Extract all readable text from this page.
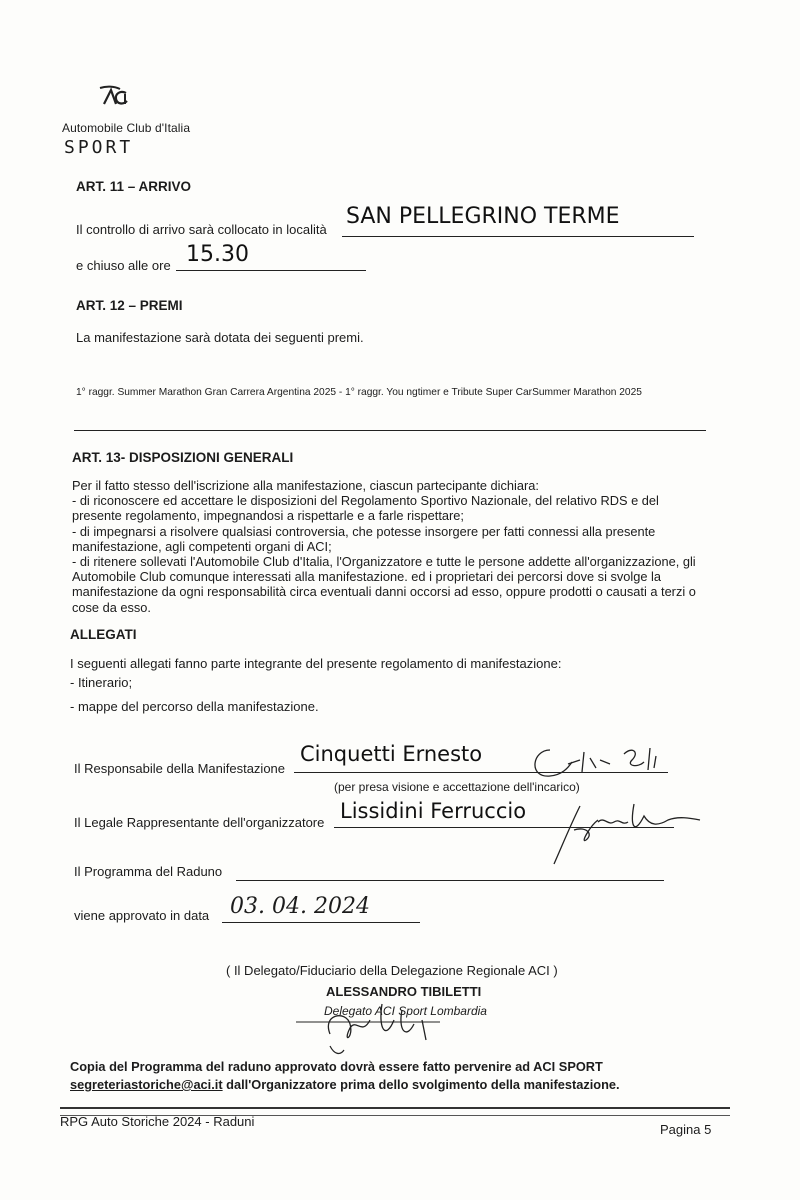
Automobile Club d'Italia
SPORT
ART. 11 – ARRIVO
Il controllo di arrivo sarà collocato in località
SAN PELLEGRINO TERME
e chiuso alle ore 15.30
ART. 12 – PREMI
La manifestazione sarà dotata dei seguenti premi.
1° raggr. Summer Marathon Gran Carrera Argentina 2025 - 1° raggr. You ngtimer e Tribute Super CarSummer Marathon 2025
ART. 13- DISPOSIZIONI GENERALI
Per il fatto stesso dell'iscrizione alla manifestazione, ciascun partecipante dichiara:
- di riconoscere ed accettare le disposizioni del Regolamento Sportivo Nazionale, del relativo RDS e del
presente regolamento, impegnandosi a rispettarle e a farle rispettare;
- di impegnarsi a risolvere qualsiasi controversia, che potesse insorgere per fatti connessi alla presente
manifestazione, agli competenti organi di ACI;
- di ritenere sollevati l'Automobile Club d'Italia, l'Organizzatore e tutte le persone addette all'organizzazione, gli
Automobile Club comunque interessati alla manifestazione. ed i proprietari dei percorsi dove si svolge la
manifestazione da ogni responsabilità circa eventuali danni occorsi ad esso, oppure prodotti o causati a terzi o
cose da esso.
ALLEGATI
I seguenti allegati fanno parte integrante del presente regolamento di manifestazione:
- Itinerario;
- mappe del percorso della manifestazione.
Il Responsabile della Manifestazione
Cinquetti Ernesto
(per presa visione e accettazione dell'incarico)
Il Legale Rappresentante dell'organizzatore Lissidini Ferruccio
Il Programma del Raduno
viene approvato in data 03. 04. 2024
( Il Delegato/Fiduciario della Delegazione Regionale ACI )
ALESSANDRO TIBILETTI
Delegato ACI Sport Lombardia
Copia del Programma del raduno approvato dovrà essere fatto pervenire ad ACI SPORT
segreteriastoriche@aci.it dall'Organizzatore prima dello svolgimento della manifestazione.
RPG Auto Storiche 2024 - Raduni
Pagina 5
